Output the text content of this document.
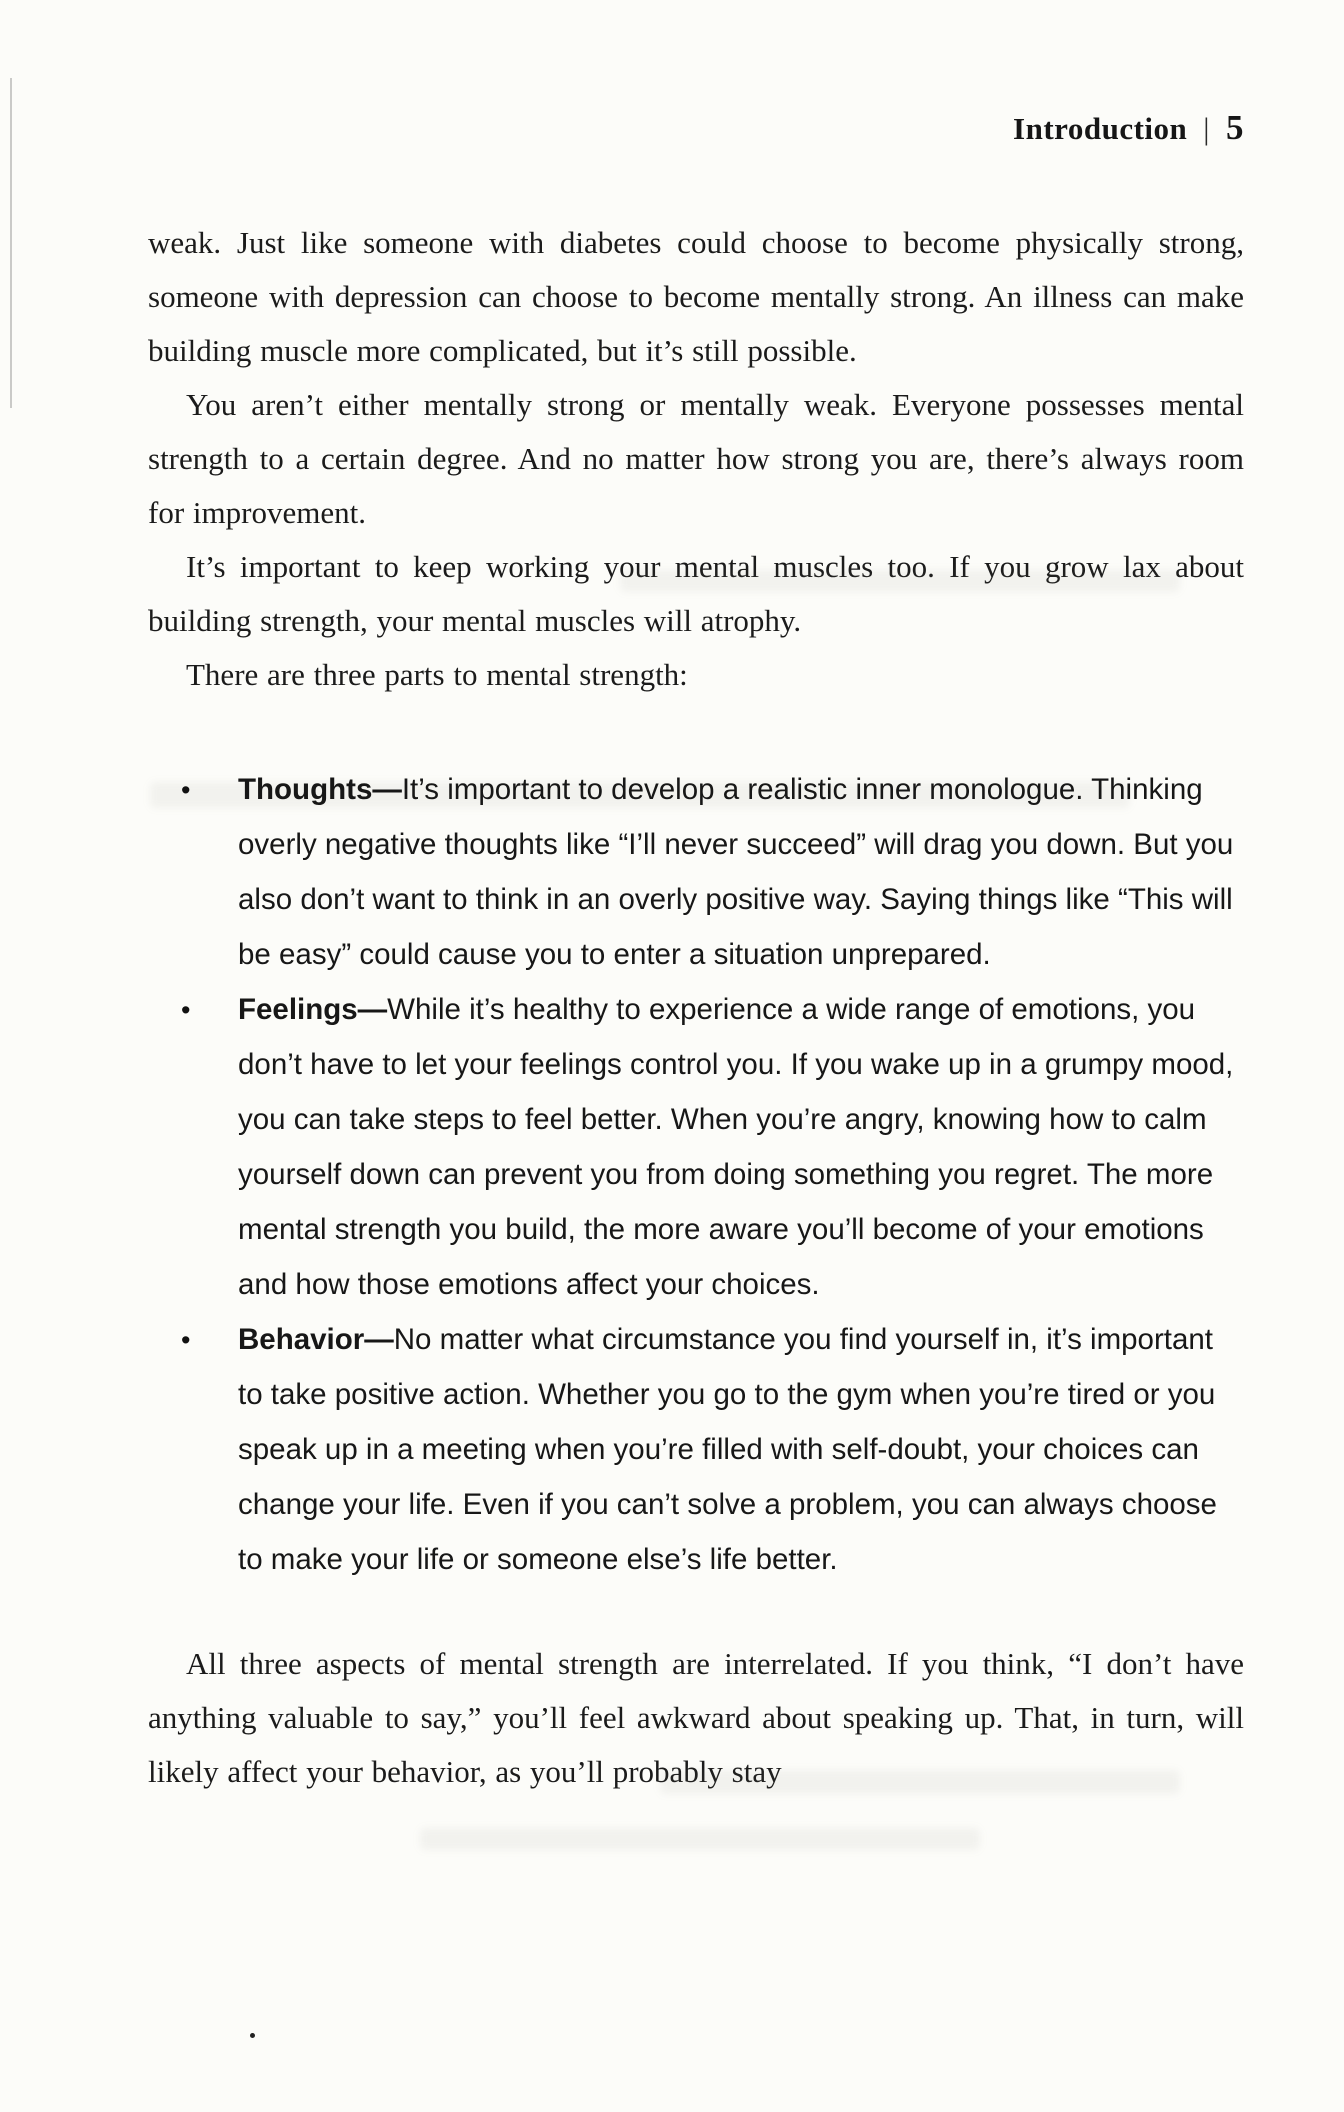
Introduction | 5

weak. Just like someone with diabetes could choose to become physically strong, someone with depression can choose to become mentally strong. An illness can make building muscle more complicated, but it’s still possible.

You aren’t either mentally strong or mentally weak. Everyone possesses mental strength to a certain degree. And no matter how strong you are, there’s always room for improvement.

It’s important to keep working your mental muscles too. If you grow lax about building strength, your mental muscles will atrophy.

There are three parts to mental strength:

• Thoughts—It’s important to develop a realistic inner monologue. Thinking overly negative thoughts like “I’ll never succeed” will drag you down. But you also don’t want to think in an overly positive way. Saying things like “This will be easy” could cause you to enter a situation unprepared.
• Feelings—While it’s healthy to experience a wide range of emotions, you don’t have to let your feelings control you. If you wake up in a grumpy mood, you can take steps to feel better. When you’re angry, knowing how to calm yourself down can prevent you from doing something you regret. The more mental strength you build, the more aware you’ll become of your emotions and how those emotions affect your choices.
• Behavior—No matter what circumstance you find yourself in, it’s important to take positive action. Whether you go to the gym when you’re tired or you speak up in a meeting when you’re filled with self-doubt, your choices can change your life. Even if you can’t solve a problem, you can always choose to make your life or someone else’s life better.

All three aspects of mental strength are interrelated. If you think, “I don’t have anything valuable to say,” you’ll feel awkward about speaking up. That, in turn, will likely affect your behavior, as you’ll probably stay
